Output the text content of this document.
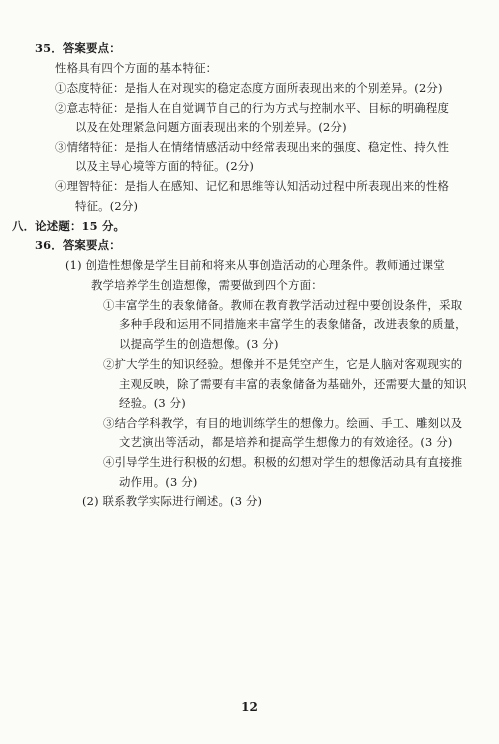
35．答案要点：
性格具有四个方面的基本特征：
①态度特征：是指人在对现实的稳定态度方面所表现出来的个别差异。(2分)
②意志特征：是指人在自觉调节自己的行为方式与控制水平、目标的明确程度
以及在处理紧急问题方面表现出来的个别差异。(2分)
③情绪特征：是指人在情绪情感活动中经常表现出来的强度、稳定性、持久性
以及主导心境等方面的特征。(2分)
④理智特征：是指人在感知、记忆和思维等认知活动过程中所表现出来的性格
特征。(2分)
八．论述题：15 分。
36．答案要点：
(1) 创造性想像是学生目前和将来从事创造活动的心理条件。教师通过课堂
教学培养学生创造想像，需要做到四个方面：
①丰富学生的表象储备。教师在教育教学活动过程中要创设条件，采取
多种手段和运用不同措施来丰富学生的表象储备，改进表象的质量，
以提高学生的创造想像。(3 分)
②扩大学生的知识经验。想像并不是凭空产生，它是人脑对客观现实的
主观反映，除了需要有丰富的表象储备为基础外，还需要大量的知识
经验。(3 分)
③结合学科教学，有目的地训练学生的想像力。绘画、手工、雕刻以及
文艺演出等活动，都是培养和提高学生想像力的有效途径。(3 分)
④引导学生进行积极的幻想。积极的幻想对学生的想像活动具有直接推
动作用。(3 分)
(2) 联系教学实际进行阐述。(3 分)
12
